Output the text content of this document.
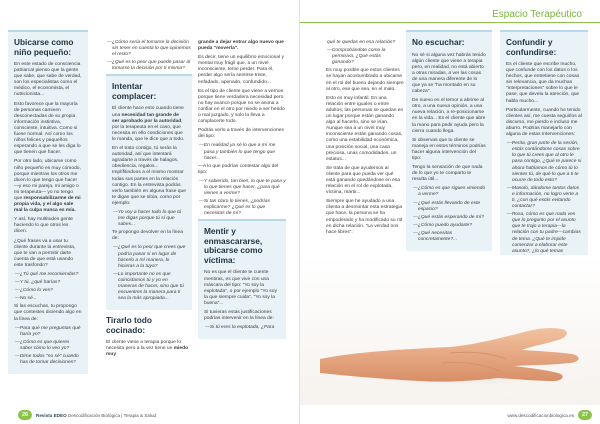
Ubicarse como niño pequeño:

En este estado de consciencia patriarcal pienso que la gente que sabe, que sabe de verdad, son los especialistas como el médico, el economista, el nutricionista...

Esto favorece que la mayoría de personas caminen desconectadas de su propia información instintiva, consciente, intuitiva. Como si fuese normal. Así como los niños felices y pequeños esperando a que se les diga lo que tienen que hacer.

Por otro lado, ubicarse como niño pequeño es muy cómodo, porque mientras los otros me dicen lo que tengo que hacer —y eso mi pareja, mi amigo o mi terapeuta— yo no tengo que responsabilizarme de mi propia vida, y el algo sale mal la culpa nunca es mía.

Y así, hay multitudes gente haciendo lo que otros les dicen.

¿Qué frases va a usar tu cliente durante la entrevista, que te van a permitir darte cuenta de que está usando este trasfondo?

—¿Tú qué me recomiendas?

—Y tú, ¿qué harías?

—¿Cómo lo ves?

—No sé...

Si las escuchas, tu propongo que contestes diciendo algo en la línea de:

—Para qué me preguntas qué haría yo?

—¿Cómo es que quieres saber cómo lo veo yo?

—Dime todos "no sé" cuando has de tomar decisiones?

—¿Cómo sería el tomarse la decisión sin tener en cuenta lo que opinemos el resto?

—¿Qué es lo peor que puede pasar al tomarse la decisión por ti misma?

Intentar complacer:

El cliente hace esto cuando tiene una necesidad tan grande de ser aprobado por la autoridad, por la terapeuta en el caso, que necesita en ello condiciones que le manda, que le dice que a todo.

En el trato contigo, tú serás la autoridad, así que intentará agradarte a través de halagos, obediencia, regalos... Implífitindoos a el mismo mostrar todas sus partes en la relación contigo. En la entrevista podrás verlo también en alguna frase que te digan que se sitúa, como por ejemplo:

—Yo voy a hacer todo lo que tú me digas porque tú sí que sabes...

Te propongo devolver en la línea de:

—¿Qué es lo peor que crees que podría pasar si en lugar de hacerlo a mí manera, lo hicieras a la tuya?

—Lo importante no es que coincidamos tú y yo en maneras de hacer, sino que tú encuentres la manera para ti sea la más apropiada...

Tirarlo todo cocinado:

El cliente viene a terapia porque lo necesita pero a la vez tiene un miedo muy

grande a dejar entrar algo nuevo que pueda "moverla".

Es decir, tiene un equilibrio emocional y mental muy frágil que, a un nivel inconsciente, teme perder. Para él, perder algo sería sentirse triste, enfadado, apenado, confundido...

Es el tipo de cliente que viene a vernos porque tiene verdadera necesidad pero no hay avance porque no se anima a confiar en el otro por miedo a ser herido o mal juzgado, y solo la lleva a complacerte todo.

Podrás verlo a través de intervenciones del tipo:

—En realidad ya sé lo que a mí me pasa y también lo que tengo que hacer...

—A lo que podrías contestar algo del tipo:

—Y sabiendo, tan bien, lo que te pasa y lo que tienes que hacer, ¿para qué vienes a verme?

—Si tan claro lo tienes, ¿podrías explicarme? ¿Qué es lo que necesitas de mí?

Mentir y enmascararse, ubicarse como víctima:

No es que el cliente te cuente mentiras, es que vive con una máscara del tipo: "Yo soy la explotada", o por ejemplo "Yo soy la que siempre cuida", "Yo soy la buena"...

Si tuvieras estas justificaciones podrías intervenir en la línea de:

—Si tú eres la explotada, ¿Para

26	Revista EDEO Descodificación Biológica | Terapia & Salud
Espacio Terapéutico

qué te quedas en esa relación?

—Comprobándote como la permisiva, ¿Qué estás ganando?

Es muy posible que estos clientes se hayan acostumbrado a ubicarse en el rol del bueno dejando siempre al otro, ese que sea, en el malo.

Esto es muy infantil. En una relación entre iguales o entre adultos, las personas se quedan en un lugar porque están ganando algo al hacerlo, sino se irían. Aunque sea a un nivel muy inconsciente están ganando cosas, como una estabilidad económica, una posición social, una casa preciosa, unas comodidades, un estatus...

Se trata de que ayudemos al cliente para que pueda ver qué está ganando quedándose en esa relación en el rol de explotada, víctima, mártir...

Siempre que he ayudado a una clienta a desmontar esta estrategia que hace, la persona se ha empoderado y ha modificado su rol en dicha relación. "La verdad nos hace libres".

No escuchar:

No sé si alguna vez habrás tenido algún cliente que viene a terapia pero, en realidad, no está abierto a otras miradas, a ver las cosas de una manera diferente de lo que ya se "ha montado en su cabeza".

De nuevo es el temor a abrirse al otro, a una nueva opinión, a una nueva relación, a re-posicionarse en la vida... Es el cliente que abre la mano para pedir ayuda pero la cierra cuando llega.

Si observas que tu cliente se maneja en estos términos podrías hacer alguna intervención del tipo:

Tengo la sensación de que nada de lo que yo te comparto te resulta útil...

—¿Cómo es que sigues viniendo a verme?

—¿Qué estás llevando de este espacio?

—¿Qué estás esperando de mí?

—¿Cómo puedo ayudarte?

—¿Qué necesitas concretamente?...

Confundir y confundirse:

Es el cliente que escribe mucho, que confunde con los datos o los hechos, que entretiene con cosas sin relevancia, que da muchas "interpretaciones" sobre lo que le pase, que devela la atención, que habla mucho...

Particularmente, cuando he tenido clientes así, me cuesta seguirlos al discurso, me pierdo e incluso me aburro. Podrías manejarlo con alguna de estas Intervenciones:

—Perita, gran parte de la sesión, estás contándome cosas sobre lo que tú crees que al otro le pasa contigo, ¿Qué te parece si ahora hablamos de cómo tú lo sientes tú, de qué lo que a ti te ocurre de todo esto?

—Manolo, dándome tantos datos e información, no logro verte a ti, ¿con qué estás evitando contactar?

—Rosa, cómo es que nada ves que lo pregunto por el asunto que te trajo a terapia—la relación con tu padre—cambias de tema. ¿Qué te impide comenzar a elaborar este asunto?, ¿lo qué temas

www.descodificacionbiologica.es	27
